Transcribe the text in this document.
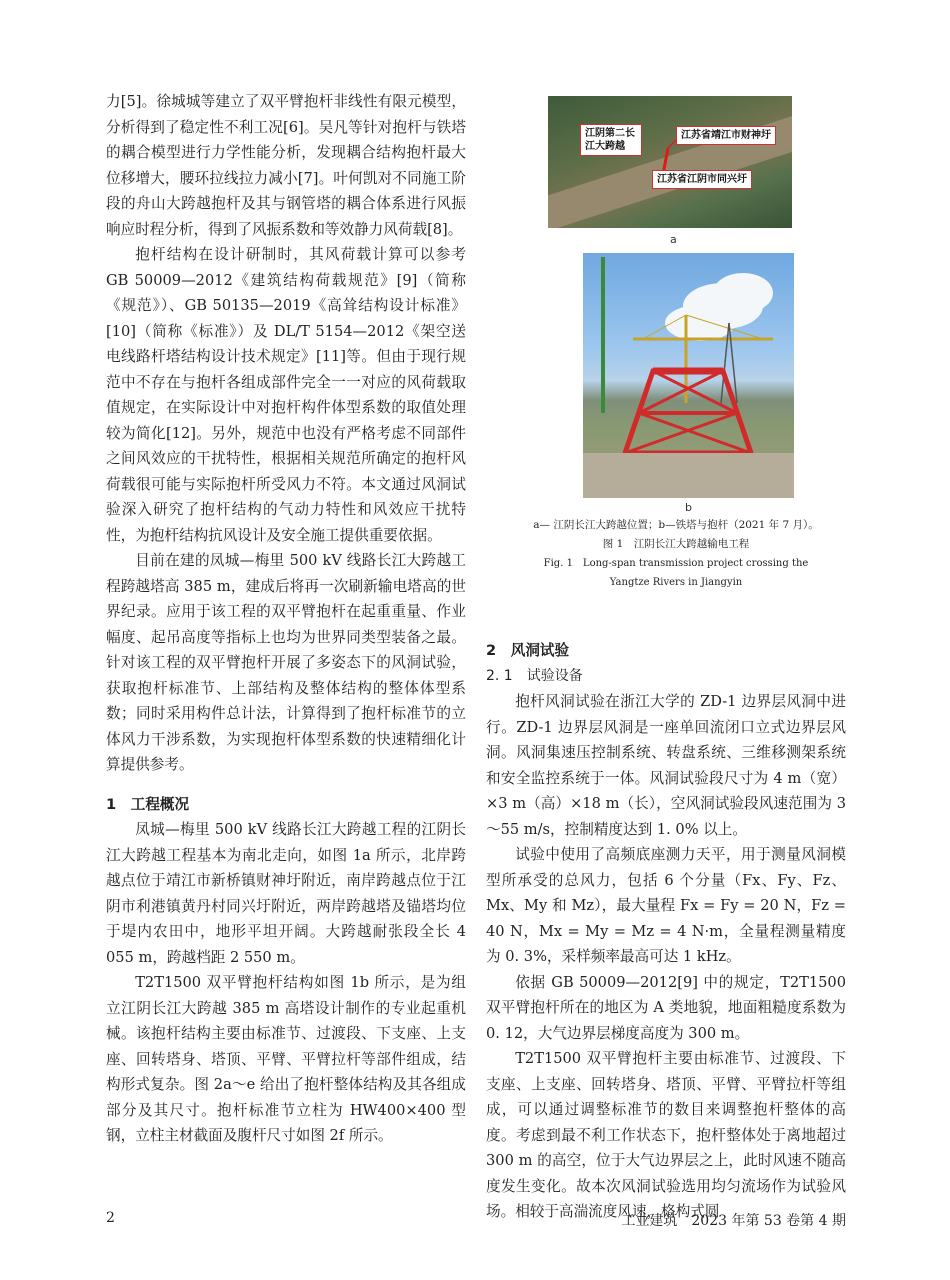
力[5]。徐城城等建立了双平臂抱杆非线性有限元模型，分析得到了稳定性不利工况[6]。吴凡等针对抱杆与铁塔的耦合模型进行力学性能分析，发现耦合结构抱杆最大位移增大，腰环拉线拉力减小[7]。叶何凯对不同施工阶段的舟山大跨越抱杆及其与钢管塔的耦合体系进行风振响应时程分析，得到了风振系数和等效静力风荷载[8]。

抱杆结构在设计研制时，其风荷载计算可以参考 GB 50009—2012《建筑结构荷载规范》[9]（简称《规范》）、GB 50135—2019《高耸结构设计标准》[10]（简称《标准》）及 DL/T 5154—2012《架空送电线路杆塔结构设计技术规定》[11]等。但由于现行规范中不存在与抱杆各组成部件完全一一对应的风荷载取值规定，在实际设计中对抱杆构件体型系数的取值处理较为简化[12]。另外，规范中也没有严格考虑不同部件之间风效应的干扰特性，根据相关规范所确定的抱杆风荷载很可能与实际抱杆所受风力不符。本文通过风洞试验深入研究了抱杆结构的气动力特性和风效应干扰特性，为抱杆结构抗风设计及安全施工提供重要依据。

目前在建的凤城—梅里 500 kV 线路长江大跨越工程跨越塔高 385 m，建成后将再一次刷新输电塔高的世界纪录。应用于该工程的双平臂抱杆在起重重量、作业幅度、起吊高度等指标上也均为世界同类型装备之最。针对该工程的双平臂抱杆开展了多姿态下的风洞试验，获取抱杆标准节、上部结构及整体结构的整体体型系数；同时采用构件总计法，计算得到了抱杆标准节的立体风力干涉系数，为实现抱杆体型系数的快速精细化计算提供参考。

1　工程概况

凤城—梅里 500 kV 线路长江大跨越工程的江阴长江大跨越工程基本为南北走向，如图 1a 所示，北岸跨越点位于靖江市新桥镇财神圩附近，南岸跨越点位于江阴市利港镇黄丹村同兴圩附近，两岸跨越塔及锚塔均位于堤内农田中，地形平坦开阔。大跨越耐张段全长 4 055 m，跨越档距 2 550 m。

T2T1500 双平臂抱杆结构如图 1b 所示，是为组立江阴长江大跨越 385 m 高塔设计制作的专业起重机械。该抱杆结构主要由标准节、过渡段、下支座、上支座、回转塔身、塔顶、平臂、平臂拉杆等部件组成，结构形式复杂。图 2a～e 给出了抱杆整体结构及其各组成部分及其尺寸。抱杆标准节立柱为 HW400×400 型钢，立柱主材截面及腹杆尺寸如图 2f 所示。

江阴第二长江大跨越
江苏省靖江市财神圩
江苏省江阴市同兴圩
a
b
a— 江阴长江大跨越位置；b—铁塔与抱杆（2021 年 7 月）。
图 1　江阴长江大跨越输电工程
Fig. 1　Long-span transmission project crossing the
Yangtze Rivers in Jiangyin

2　风洞试验

2. 1　试验设备

抱杆风洞试验在浙江大学的 ZD-1 边界层风洞中进行。ZD-1 边界层风洞是一座单回流闭口立式边界层风洞。风洞集速压控制系统、转盘系统、三维移测架系统和安全监控系统于一体。风洞试验段尺寸为 4 m（宽）×3 m（高）×18 m（长），空风洞试验段风速范围为 3～55 m/s，控制精度达到 1. 0% 以上。

试验中使用了高频底座测力天平，用于测量风洞模型所承受的总风力，包括 6 个分量（Fx、Fy、Fz、Mx、My 和 Mz），最大量程 Fx = Fy = 20 N，Fz = 40 N，Mx = My = Mz = 4 N·m，全量程测量精度为 0. 3%，采样频率最高可达 1 kHz。

依据 GB 50009—2012[9] 中的规定，T2T1500 双平臂抱杆所在的地区为 A 类地貌，地面粗糙度系数为 0. 12，大气边界层梯度高度为 300 m。

T2T1500 双平臂抱杆主要由标准节、过渡段、下支座、上支座、回转塔身、塔顶、平臂、平臂拉杆等组成，可以通过调整标准节的数目来调整抱杆整体的高度。考虑到最不利工作状态下，抱杆整体处于离地超过 300 m 的高空，位于大气边界层之上，此时风速不随高度发生变化。故本次风洞试验选用均匀流场作为试验风场。相较于高湍流度风速，格构式圆

2	工业建筑　2023 年第 53 卷第 4 期
